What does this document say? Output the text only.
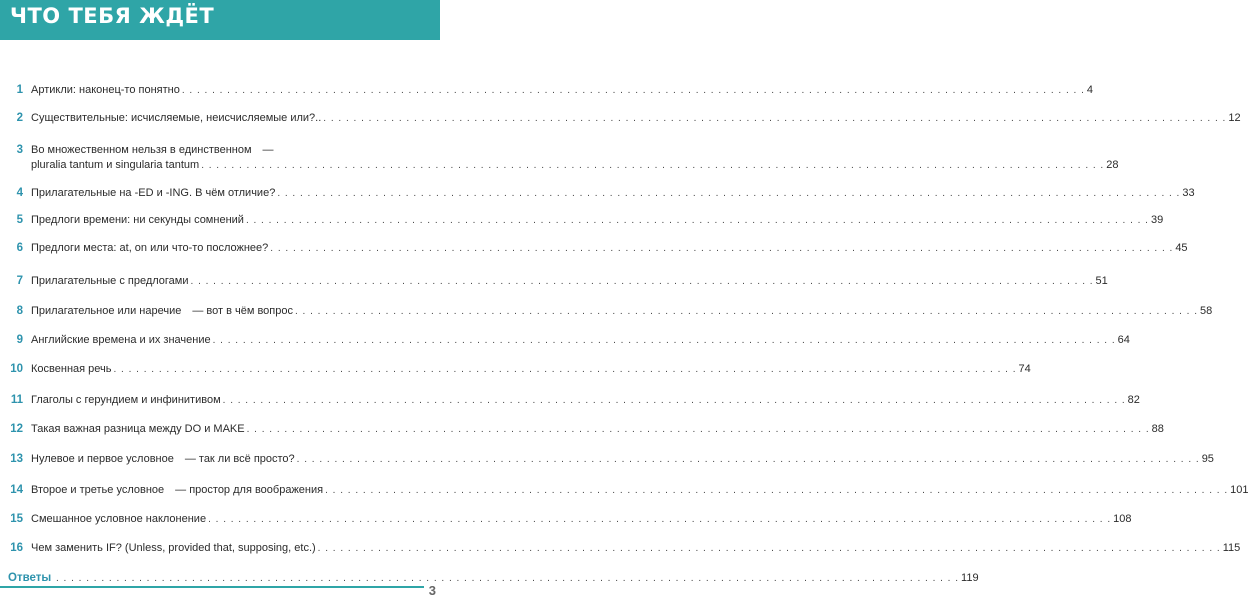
ЧТО ТЕБЯ ЖДЁТ
1 Артикли: наконец-то понятно . . . . . . . . . . . . . . . . . . . . . . . . . . . . . . . . . . . . . . . . . . . . . . . . . . . . . . . . . . . . . . . . . . . . . . . . . . . . . . . . . . . . . . . . . . . . . . . . . . . . . . . . . . . . . . . . . . . . . . . . 4
2 Существительные: исчисляемые, неисчисляемые или?.. . . . . . . . . . . . . . . . . . . . . . . . . . . . . . . . . . . . . . . . . . . . . . . . . . . . . . . . . . . . . . . . . . . . . . . . . . . . . . . . . . . . . . . . . . . . . . . . . . . . . . . . . . . . . . . . . . . . . . . . . 12
3 Во множественном нельзя в единственном —
pluralia tantum и singularia tantum . . . . . . . . . . . . . . . . . . . . . . . . . . . . . . . . . . . . . . . . . . . . . . . . . . . . . . . . . . . . . . . . . . . . . . . . . . . . . . . . . . . . . . . . . . . . . . . . . . . . . . . . . . . . . . . . . . . . . . . . 28
4 Прилагательные на -ED и -ING. В чём отличие? . . . . . . . . . . . . . . . . . . . . . . . . . . . . . . . . . . . . . . . . . . . . . . . . . . . . . . . . . . . . . . . . . . . . . . . . . . . . . . . . . . . . . . . . . . . . . . . . . . . . . . . . . . . . . . . . . . . . . . . . 33
5 Предлоги времени: ни секунды сомнений . . . . . . . . . . . . . . . . . . . . . . . . . . . . . . . . . . . . . . . . . . . . . . . . . . . . . . . . . . . . . . . . . . . . . . . . . . . . . . . . . . . . . . . . . . . . . . . . . . . . . . . . . . . . . . . . . . . . . . . . 39
6 Предлоги места: at, on или что-то посложнее? . . . . . . . . . . . . . . . . . . . . . . . . . . . . . . . . . . . . . . . . . . . . . . . . . . . . . . . . . . . . . . . . . . . . . . . . . . . . . . . . . . . . . . . . . . . . . . . . . . . . . . . . . . . . . . . . . . . . . . . . 45
7 Прилагательные с предлогами . . . . . . . . . . . . . . . . . . . . . . . . . . . . . . . . . . . . . . . . . . . . . . . . . . . . . . . . . . . . . . . . . . . . . . . . . . . . . . . . . . . . . . . . . . . . . . . . . . . . . . . . . . . . . . . . . . . . . . . . 51
8 Прилагательное или наречие — вот в чём вопрос . . . . . . . . . . . . . . . . . . . . . . . . . . . . . . . . . . . . . . . . . . . . . . . . . . . . . . . . . . . . . . . . . . . . . . . . . . . . . . . . . . . . . . . . . . . . . . . . . . . . . . . . . . . . . . . . . . . . . . . . 58
9 Английские времена и их значение . . . . . . . . . . . . . . . . . . . . . . . . . . . . . . . . . . . . . . . . . . . . . . . . . . . . . . . . . . . . . . . . . . . . . . . . . . . . . . . . . . . . . . . . . . . . . . . . . . . . . . . . . . . . . . . . . . . . . . . . 64
10 Косвенная речь . . . . . . . . . . . . . . . . . . . . . . . . . . . . . . . . . . . . . . . . . . . . . . . . . . . . . . . . . . . . . . . . . . . . . . . . . . . . . . . . . . . . . . . . . . . . . . . . . . . . . . . . . . . . . . . . . . . . . . . . 74
11 Глаголы с герундием и инфинитивом . . . . . . . . . . . . . . . . . . . . . . . . . . . . . . . . . . . . . . . . . . . . . . . . . . . . . . . . . . . . . . . . . . . . . . . . . . . . . . . . . . . . . . . . . . . . . . . . . . . . . . . . . . . . . . . . . . . . . . . . 82
12 Такая важная разница между DO и MAKE . . . . . . . . . . . . . . . . . . . . . . . . . . . . . . . . . . . . . . . . . . . . . . . . . . . . . . . . . . . . . . . . . . . . . . . . . . . . . . . . . . . . . . . . . . . . . . . . . . . . . . . . . . . . . . . . . . . . . . . . 88
13 Нулевое и первое условное — так ли всё просто? . . . . . . . . . . . . . . . . . . . . . . . . . . . . . . . . . . . . . . . . . . . . . . . . . . . . . . . . . . . . . . . . . . . . . . . . . . . . . . . . . . . . . . . . . . . . . . . . . . . . . . . . . . . . . . . . . . . . . . . . 95
14 Второе и третье условное — простор для воображения . . . . . . . . . . . . . . . . . . . . . . . . . . . . . . . . . . . . . . . . . . . . . . . . . . . . . . . . . . . . . . . . . . . . . . . . . . . . . . . . . . . . . . . . . . . . . . . . . . . . . . . . . . . . . . . . . . . . . . . . 101
15 Смешанное условное наклонение . . . . . . . . . . . . . . . . . . . . . . . . . . . . . . . . . . . . . . . . . . . . . . . . . . . . . . . . . . . . . . . . . . . . . . . . . . . . . . . . . . . . . . . . . . . . . . . . . . . . . . . . . . . . . . . . . . . . . . . . 108
16 Чем заменить IF? (Unless, provided that, supposing, etc.) . . . . . . . . . . . . . . . . . . . . . . . . . . . . . . . . . . . . . . . . . . . . . . . . . . . . . . . . . . . . . . . . . . . . . . . . . . . . . . . . . . . . . . . . . . . . . . . . . . . . . . . . . . . . . . . . . . . . . . . . 115
Ответы . . . . . . . . . . . . . . . . . . . . . . . . . . . . . . . . . . . . . . . . . . . . . . . . . . . . . . . . . . . . . . . . . . . . . . . . . . . . . . . . . . . . . . . . . . . . . . . . . . . . . . . . . . . . . . . . . . . . . . . . 119
3
